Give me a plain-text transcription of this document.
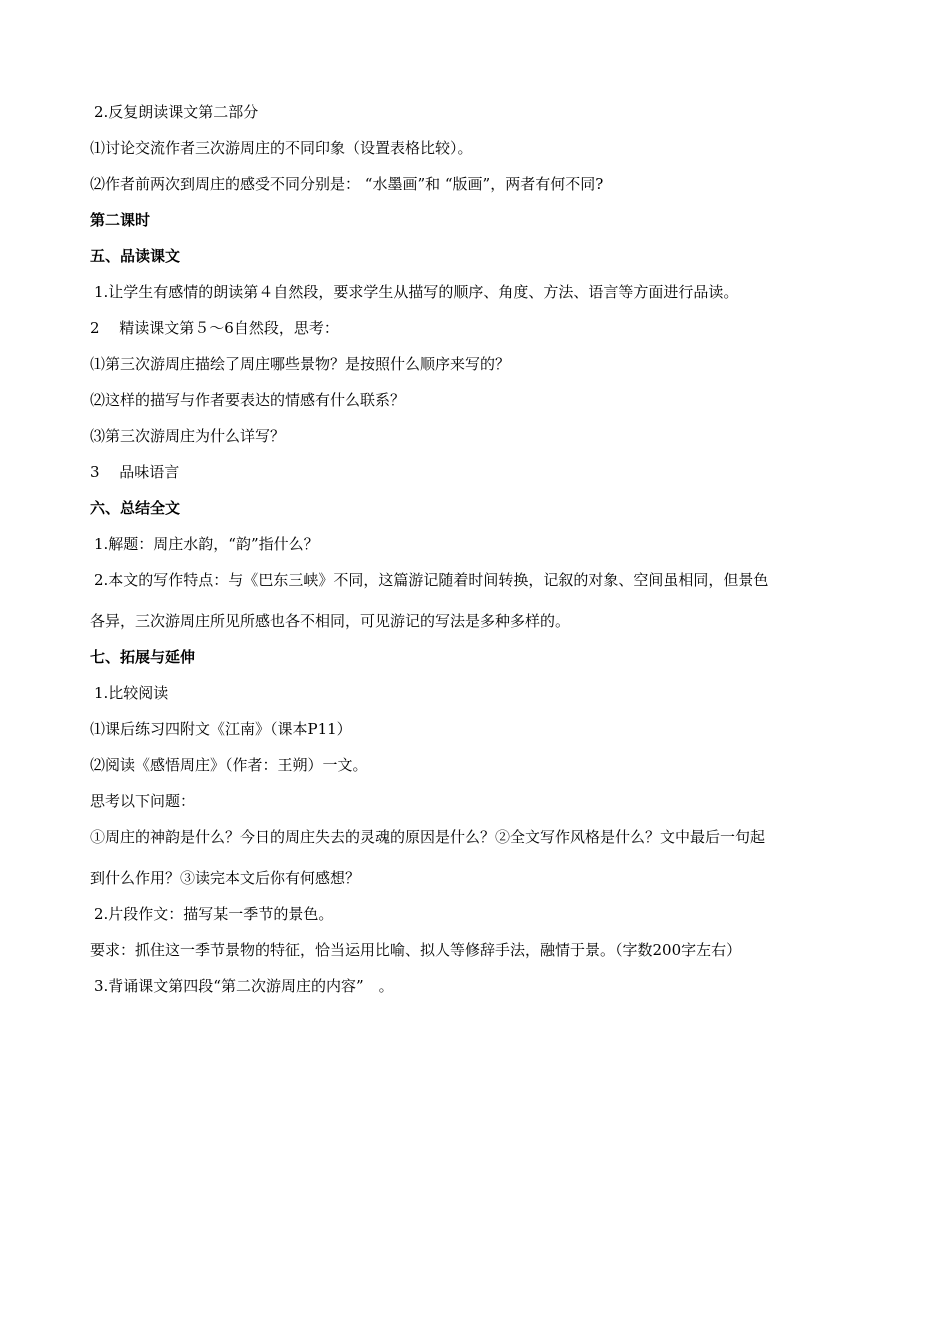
2.反复朗读课文第二部分
⑴讨论交流作者三次游周庄的不同印象（设置表格比较）。
⑵作者前两次到周庄的感受不同分别是： “水墨画”和 “版画”，两者有何不同?
第二课时
五、品读课文
1.让学生有感情的朗读第４自然段，要求学生从描写的顺序、角度、方法、语言等方面进行品读。
2　 精读课文第５～6自然段，思考：
⑴第三次游周庄描绘了周庄哪些景物？是按照什么顺序来写的？
⑵这样的描写与作者要表达的情感有什么联系？
⑶第三次游周庄为什么详写？
3　 品味语言
六、总结全文
1.解题：周庄水韵，“韵”指什么？
2.本文的写作特点：与《巴东三峡》不同，这篇游记随着时间转换，记叙的对象、空间虽相同，但景色
各异，三次游周庄所见所感也各不相同，可见游记的写法是多种多样的。
七、拓展与延伸
1.比较阅读
⑴课后练习四附文《江南》（课本P11）
⑵阅读《感悟周庄》（作者：王朔）一文。
思考以下问题：
①周庄的神韵是什么？今日的周庄失去的灵魂的原因是什么？②全文写作风格是什么？文中最后一句起
到什么作用？③读完本文后你有何感想？
2.片段作文：描写某一季节的景色。
要求：抓住这一季节景物的特征，恰当运用比喻、拟人等修辞手法，融情于景。（字数200字左右）
3.背诵课文第四段“第二次游周庄的内容”　。
